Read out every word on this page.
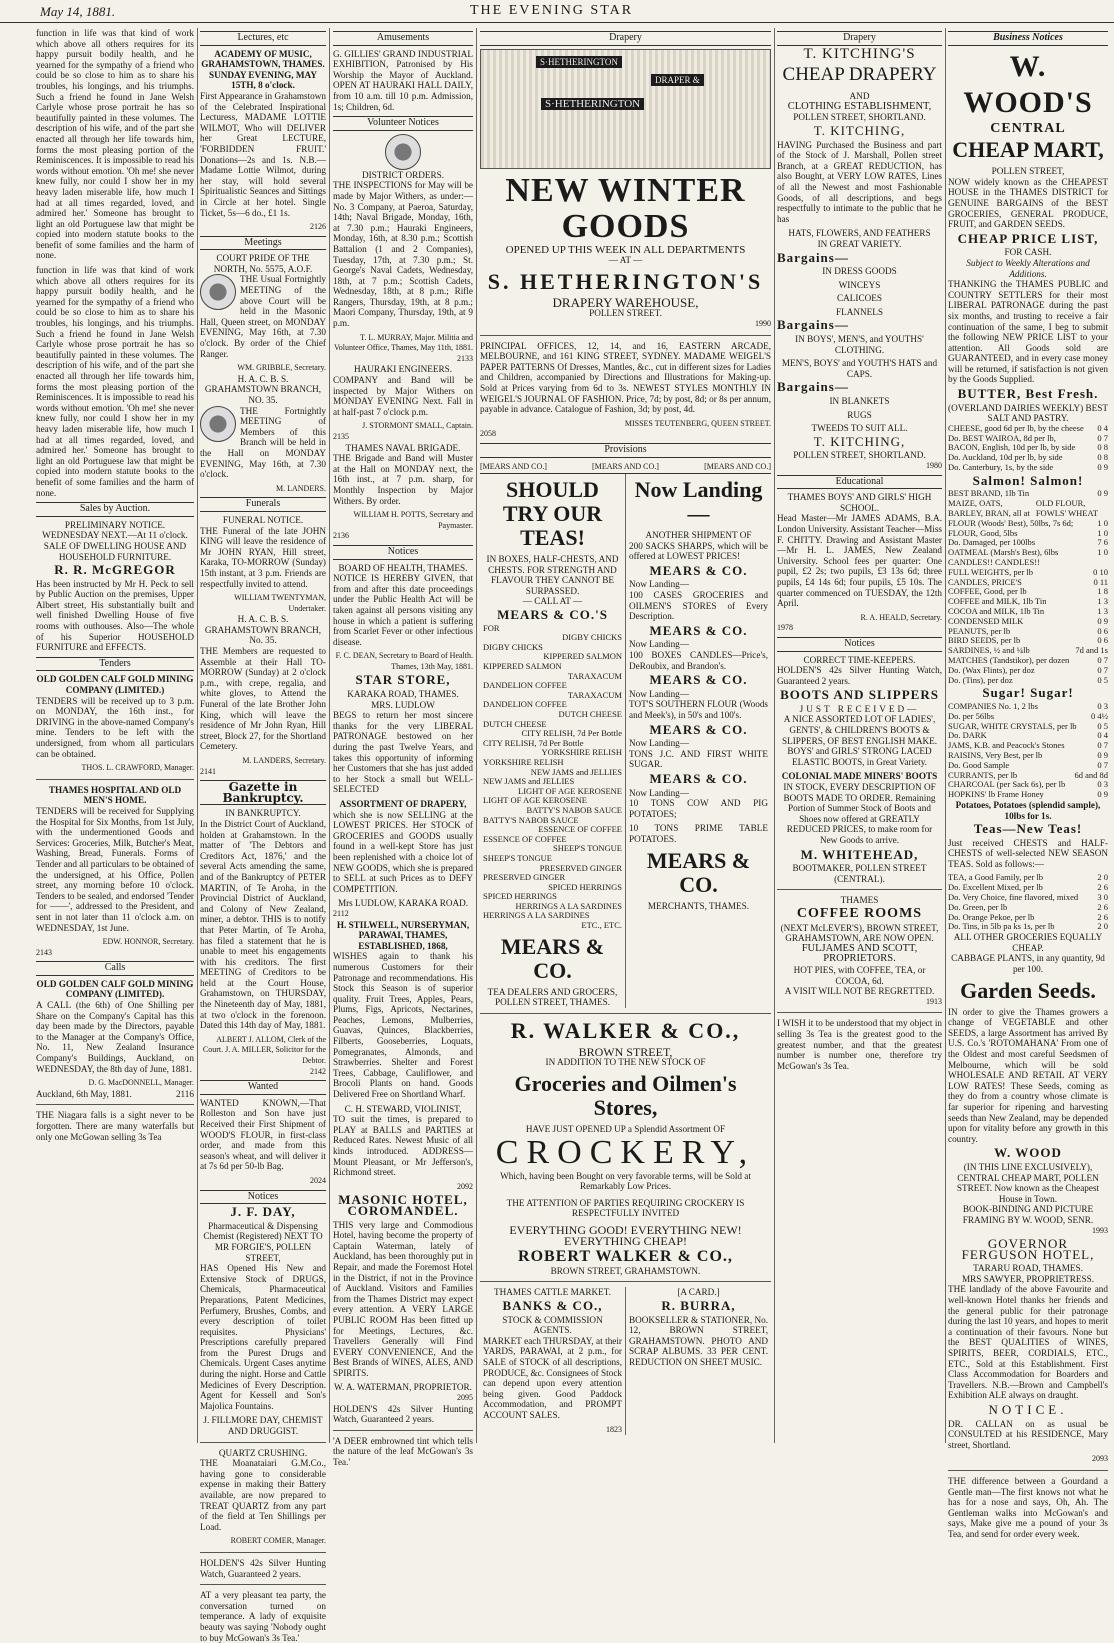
May 14, 1881.	THE EVENING STAR

function in life was that kind of work which above all others requires for its happy pursuit bodily health, and he yearned for the sympathy of a friend who could be so close to him as to share his troubles, his longings, and his triumphs. Such a friend he found in Jane Welsh Carlyle whose prose portrait he has so beautifully painted in these volumes. The description of his wife, and of the part she enacted all through her life towards him, forms the most pleasing portion of the Reminiscences. It is impossible to read his words without emotion. 'Oh me! she never knew fully, nor could I show her in my heavy laden miserable life, how much I had at all times regarded, loved, and admired her.' Someone has brought to light an old Portuguese law that might be copied into modern statute books to the benefit of some families and the harm of none.

function in life was that kind of work which above all others requires for its happy pursuit bodily health, and he yearned for the sympathy of a friend who could be so close to him as to share his troubles, his longings, and his triumphs. Such a friend he found in Jane Welsh Carlyle whose prose portrait he has so beautifully painted in these volumes. The description of his wife, and of the part she enacted all through her life towards him, forms the most pleasing portion of the Reminiscences. It is impossible to read his words without emotion. 'Oh me! she never knew fully, nor could I show her in my heavy laden miserable life, how much I had at all times regarded, loved, and admired her.' Someone has brought to light an old Portuguese law that might be copied into modern statute books to the benefit of some families and the harm of none.

Sales by Auction.
PRELIMINARY NOTICE.
WEDNESDAY NEXT.—At 11 o'clock.
SALE OF DWELLING HOUSE AND HOUSEHOLD FURNITURE.
R. R. McGREGOR

Has been instructed by Mr H. Peck to sell by Public Auction on the premises, Upper Albert street, His substantially built and well finished Dwelling House of five rooms with outhouses. Also—The whole of his Superior HOUSEHOLD FURNITURE and EFFECTS.

Tenders
OLD GOLDEN CALF GOLD MINING COMPANY (LIMITED.)

TENDERS will be received up to 3 p.m. on MONDAY, the 16th inst., for DRIVING in the above-named Company's mine. Tenders to be left with the undersigned, from whom all particulars can be obtained.

THOS. L. CRAWFORD, Manager.
THAMES HOSPITAL AND OLD MEN'S HOME.

TENDERS will be received for Supplying the Hospital for Six Months, from 1st July, with the undermentioned Goods and Services: Groceries, Milk, Butcher's Meat, Washing, Bread, Funerals. Forms of Tender and all particulars to be obtained of the undersigned, at his Office, Pollen street, any morning before 10 o'clock. Tenders to be sealed, and endorsed 'Tender for ——', addressed to the President, and sent in not later than 11 o'clock a.m. on WEDNESDAY, 1st June.

EDW. HONNOR, Secretary.
2143
Calls
OLD GOLDEN CALF GOLD MINING COMPANY (LIMITED).

A CALL (the 6th) of One Shilling per Share on the Company's Capital has this day been made by the Directors, payable to the Manager at the Company's Office, No. 11, New Zealand Insurance Company's Buildings, Auckland, on WEDNESDAY, the 8th day of June, 1881.

D. G. MacDONNELL, Manager.
Auckland, 6th May, 1881.	2116

THE Niagara falls is a sight never to be forgotten. There are many waterfalls but only one McGowan selling 3s Tea

Lectures, etc
ACADEMY OF MUSIC, GRAHAMSTOWN, THAMES. SUNDAY EVENING, MAY 15TH, 8 o'clock.

First Appearance in Grahamstown of the Celebrated Inspirational Lecturess, MADAME LOTTIE WILMOT, Who will DELIVER her Great LECTURE, 'FORBIDDEN FRUIT.' Donations—2s and 1s. N.B.—Madame Lottie Wilmot, during her stay, will hold several Spiritualistic Seances and Sittings in Circle at her hotel. Single Ticket, 5s—6 do., £1 1s.

2126
Meetings
COURT PRIDE OF THE NORTH, No. 5575, A.O.F.

THE Usual Fortnightly MEETING of the above Court will be held in the Masonic Hall, Queen street, on MONDAY EVENING, May 16th, at 7.30 o'clock. By order of the Chief Ranger.

WM. GRIBBLE, Secretary.
H. A. C. B. S. GRAHAMSTOWN BRANCH, NO. 35.

THE Fortnightly MEETING of Members of this Branch will be held in the Hall on MONDAY EVENING, May 16th, at 7.30 o'clock.

M. LANDERS.
Funerals
FUNERAL NOTICE.

THE Funeral of the late JOHN KING will leave the residence of Mr JOHN RYAN, Hill street, Karaka, TO-MORROW (Sunday) 15th instant, at 3 p.m. Friends are respectfully invited to attend.

WILLIAM TWENTYMAN, Undertaker.
H. A. C. B. S. GRAHAMSTOWN BRANCH, No. 35.

THE Members are requested to Assemble at their Hall TO-MORROW (Sunday) at 2 o'clock p.m., with crepe, regalia, and white gloves, to Attend the Funeral of the late Brother John King, which will leave the residence of Mr John Ryan, Hill street, Block 27, for the Shortland Cemetery.

M. LANDERS, Secretary.
2141
Gazette in Bankruptcy.
IN BANKRUPTCY.

In the District Court of Auckland, holden at Grahamstown. In the matter of 'The Debtors and Creditors Act, 1876,' and the several Acts amending the same, and of the Bankruptcy of PETER MARTIN, of Te Aroha, in the Provincial District of Auckland, and Colony of New Zealand, miner, a debtor. THIS is to notify that Peter Martin, of Te Aroha, has filed a statement that he is unable to meet his engagements with his creditors. The first MEETING of Creditors to be held at the Court House, Grahamstown, on THURSDAY, the Nineteenth day of May, 1881, at two o'clock in the forenoon. Dated this 14th day of May, 1881.

ALBERT J. ALLOM, Clerk of the Court. J. A. MILLER, Solicitor for the Debtor.
2142
Wanted

WANTED KNOWN,—That Rolleston and Son have just Received their First Shipment of WOOD'S FLOUR, in first-class order, and made from this season's wheat, and will deliver it at 7s 6d per 50-lb Bag.

2024
Notices
J. F. DAY,
Pharmaceutical & Dispensing Chemist (Registered) NEXT TO MR FORGIE'S, POLLEN STREET,

HAS Opened His New and Extensive Stock of DRUGS, Chemicals, Pharmaceutical Preparations, Patent Medicines, Perfumery, Brushes, Combs, and every description of toilet requisites. Physicians' Prescriptions carefully prepared from the Purest Drugs and Chemicals. Urgent Cases anytime during the night. Horse and Cattle Medicines of Every Description. Agent for Kessell and Son's Majolica Fountains.

J. FILLMORE DAY, CHEMIST AND DRUGGIST.
QUARTZ CRUSHING.

THE Moanataiari G.M.Co., having gone to considerable expense in making their Battery available, are now prepared to TREAT QUARTZ from any part of the field at Ten Shillings per Load.

ROBERT COMER, Manager.

HOLDEN'S 42s Silver Hunting Watch, Guaranteed 2 years.

AT a very pleasant tea party, the conversation turned on temperance. A lady of exquisite beauty was saying 'Nobody ought to buy McGowan's 3s Tea.'

Amusements

G. GILLIES' GRAND INDUSTRIAL EXHIBITION, Patronised by His Worship the Mayor of Auckland. OPEN AT HAURAKI HALL DAILY, from 10 a.m. till 10 p.m. Admission, 1s; Children, 6d.

Volunteer Notices
DISTRICT ORDERS.

THE INSPECTIONS for May will be made by Major Withers, as under:— No. 3 Company, at Paeroa, Saturday, 14th; Naval Brigade, Monday, 16th, at 7.30 p.m.; Hauraki Engineers, Monday, 16th, at 8.30 p.m.; Scottish Battalion (1 and 2 Companies), Tuesday, 17th, at 7.30 p.m.; St. George's Naval Cadets, Wednesday, 18th, at 7 p.m.; Scottish Cadets, Wednesday, 18th, at 8 p.m.; Rifle Rangers, Thursday, 19th, at 8 p.m.; Maori Company, Thursday, 19th, at 9 p.m.

T. L. MURRAY, Major. Militia and Volunteer Office, Thames, May 11th, 1881.
2133
HAURAKI ENGINEERS.

COMPANY and Band will be inspected by Major Withers on MONDAY EVENING Next. Fall in at half-past 7 o'clock p.m.

J. STORMONT SMALL, Captain.
2135
THAMES NAVAL BRIGADE.

THE Brigade and Band will Muster at the Hall on MONDAY next, the 16th inst., at 7 p.m. sharp, for Monthly Inspection by Major Withers. By order.

WILLIAM H. POTTS, Secretary and Paymaster.
2136
Notices
BOARD OF HEALTH, THAMES.

NOTICE IS HEREBY GIVEN, that from and after this date proceedings under the Public Health Act will be taken against all persons visiting any house in which a patient is suffering from Scarlet Fever or other infectious disease.

F. C. DEAN, Secretary to Board of Health. Thames, 13th May, 1881.
STAR STORE,
KARAKA ROAD, THAMES.
MRS. LUDLOW

BEGS to return her most sincere thanks for the very LIBERAL PATRONAGE bestowed on her during the past Twelve Years, and takes this opportunity of informing her Customers that she has just added to her Stock a small but WELL-SELECTED

ASSORTMENT OF DRAPERY,

which she is now SELLING at the LOWEST PRICES. Her STOCK of GROCERIES and GOODS usually found in a well-kept Store has just been replenished with a choice lot of NEW GOODS, which she is prepared to SELL at such Prices as to DEFY COMPETITION.

Mrs LUDLOW, KARAKA ROAD.
2112
H. STILWELL, NURSERYMAN, PARAWAI, THAMES, ESTABLISHED, 1868,

WISHES again to thank his numerous Customers for their Patronage and recommendations. His Stock this Season is of superior quality. Fruit Trees, Apples, Pears, Plums, Figs, Apricots, Nectarines, Peaches, Lemons, Mulberries, Guavas, Quinces, Blackberries, Filberts, Gooseberries, Loquats, Pomegranates, Almonds, and Strawberries. Shelter and Forest Trees, Cabbage, Cauliflower, and Brocoli Plants on hand. Goods Delivered Free on Shortland Wharf.

C. H. STEWARD, VIOLINIST,

TO suit the times, is prepared to PLAY at BALLS and PARTIES at Reduced Rates. Newest Music of all kinds introduced. ADDRESS—Mount Pleasant, or Mr Jefferson's, Richmond street.

2092
MASONIC HOTEL, COROMANDEL.

THIS very large and Commodious Hotel, having become the property of Captain Waterman, lately of Auckland, has been thoroughly put in Repair, and made the Foremost Hotel in the District, if not in the Province of Auckland. Visitors and Families from the Thames District may expect every attention. A VERY LARGE PUBLIC ROOM Has been fitted up for Meetings, Lectures, &c. Travellers Generally will Find EVERY CONVENIENCE, And the Best Brands of WINES, ALES, AND SPIRITS.

W. A. WATERMAN, PROPRIETOR.
2095

HOLDEN'S 42s Silver Hunting Watch, Guaranteed 2 years.

'A DEER embrowned tint which tells the nature of the leaf McGowan's 3s Tea.'

Drapery
S·HETHERINGTON
DRAPER &
S·HETHERINGTON
NEW WINTER GOODS
OPENED UP THIS WEEK IN ALL DEPARTMENTS
— AT —
S. HETHERINGTON'S
DRAPERY WAREHOUSE,
POLLEN STREET.
1990

PRINCIPAL OFFICES, 12, 14, and 16, EASTERN ARCADE, MELBOURNE, and 161 KING STREET, SYDNEY. MADAME WEIGEL'S PAPER PATTERNS Of Dresses, Mantles, &c., cut in different sizes for Ladies and Children, accompanied by Directions and Illustrations for Making-up. Sold at Prices varying from 6d to 3s. NEWEST STYLES MONTHLY IN WEIGEL'S JOURNAL OF FASHION. Price, 7d; by post, 8d; or 8s per annum, payable in advance. Catalogue of Fashion, 3d; by post, 4d.

MISSES TEUTENBERG, QUEEN STREET.
2058
Provisions
[MEARS AND CO.]	[MEARS AND CO.]	[MEARS AND CO.]
SHOULD TRY OUR TEAS!
IN BOXES, HALF-CHESTS, AND CHESTS. FOR STRENGTH AND FLAVOUR THEY CANNOT BE SURPASSED.
— CALL AT —
MEARS & CO.'S
FOR
DIGBY CHICKS
DIGBY CHICKS
KIPPERED SALMON
KIPPERED SALMON
TARAXACUM
DANDELION COFFEE
TARAXACUM
DANDELION COFFEE
DUTCH CHEESE
DUTCH CHEESE
CITY RELISH, 7d Per Bottle
CITY RELISH, 7d Per Bottle
YORKSHIRE RELISH
YORKSHIRE RELISH
NEW JAMS and JELLIES
NEW JAMS and JELLIES
LIGHT OF AGE KEROSENE
LIGHT OF AGE KEROSENE
BATTY'S NABOB SAUCE
BATTY'S NABOB SAUCE
ESSENCE OF COFFEE
ESSENCE OF COFFEE
SHEEP'S TONGUE
SHEEP'S TONGUE
PRESERVED GINGER
PRESERVED GINGER
SPICED HERRINGS
SPICED HERRINGS
HERRINGS A LA SARDINES
HERRINGS A LA SARDINES
ETC., ETC.
MEARS & CO.
TEA DEALERS AND GROCERS, POLLEN STREET, THAMES.
Now Landing—
ANOTHER SHIPMENT OF

200 SACKS SHARPS, which will be offered at LOWEST PRICES!

MEARS & CO.
Now Landing—

100 CASES GROCERIES and OILMEN'S STORES of Every Description.

MEARS & CO.
Now Landing—

100 BOXES CANDLES—Price's, DeRoubix, and Brandon's.

MEARS & CO.
Now Landing—

TOT'S SOUTHERN FLOUR (Woods and Meek's), in 50's and 100's.

MEARS & CO.
Now Landing—

TONS J.C. AND FIRST WHITE SUGAR.

MEARS & CO.
Now Landing—

10 TONS COW AND PIG POTATOES;

10 TONS PRIME TABLE POTATOES.

MEARS & CO.
MERCHANTS, THAMES.
R. WALKER & CO.,
BROWN STREET,
IN ADDITION TO THE NEW STOCK OF
Groceries and Oilmen's Stores,
HAVE JUST OPENED UP a Splendid Assortment OF
CROCKERY,
Which, having been Bought on very favorable terms, will be Sold at Remarkably Low Prices.
THE ATTENTION OF PARTIES REQUIRING CROCKERY IS RESPECTFULLY INVITED
EVERYTHING GOOD! EVERYTHING NEW! EVERYTHING CHEAP!
ROBERT WALKER & CO.,
BROWN STREET, GRAHAMSTOWN.
THAMES CATTLE MARKET.
BANKS & CO.,
STOCK & COMMISSION AGENTS.

MARKET each THURSDAY, at their YARDS, PARAWAI, at 2 p.m., for SALE of STOCK of all descriptions, PRODUCE, &c. Consignees of Stock can depend upon every attention being given. Good Paddock Accommodation, and PROMPT ACCOUNT SALES.

1823
[A CARD.]
R. BURRA,

BOOKSELLER & STATIONER, No. 12, BROWN STREET, GRAHAMSTOWN. PHOTO AND SCRAP ALBUMS. 33 PER CENT. REDUCTION ON SHEET MUSIC.

Drapery
T. KITCHING'S
CHEAP DRAPERY
AND
CLOTHING ESTABLISHMENT,
POLLEN STREET, SHORTLAND.
T. KITCHING,

HAVING Purchased the Business and part of the Stock of J. Marshall, Pollen street Branch, at a GREAT REDUCTION, has also Bought, at VERY LOW RATES, Lines of all the Newest and most Fashionable Goods, of all descriptions, and begs respectfully to intimate to the public that he has

HATS, FLOWERS, AND FEATHERS
IN GREAT VARIETY.
Bargains—
IN DRESS GOODS
WINCEYS
CALICOES
FLANNELS
Bargains—
IN BOYS', MEN'S, and YOUTHS' CLOTHING.
MEN'S, BOYS' and YOUTH'S HATS and CAPS.
Bargains—
IN BLANKETS
RUGS
TWEEDS TO SUIT ALL.
T. KITCHING,
POLLEN STREET, SHORTLAND.
1980
Educational
THAMES BOYS' AND GIRLS' HIGH SCHOOL.

Head Master—Mr JAMES ADAMS, B.A. London University. Assistant Teacher—Miss F. CHITTY. Drawing and Assistant Master—Mr H. L. JAMES, New Zealand University. School fees per quarter: One pupil, £2 2s; two pupils, £3 13s 6d; three pupils, £4 14s 6d; four pupils, £5 10s. The quarter commenced on TUESDAY, the 12th April.

R. A. HEALD, Secretary.
1978
Notices
CORRECT TIME-KEEPERS.

HOLDEN'S 42s Silver Hunting Watch, Guaranteed 2 years.

BOOTS AND SLIPPERS
JUST RECEIVED—

A NICE ASSORTED LOT OF LADIES', GENTS', & CHILDREN'S BOOTS & SLIPPERS, OF BEST ENGLISH MAKE. BOYS' and GIRLS' STRONG LACED ELASTIC BOOTS, in Great Variety.

COLONIAL MADE MINERS' BOOTS

IN STOCK, EVERY DESCRIPTION OF BOOTS MADE TO ORDER. Remaining Portion of Summer Stock of Boots and Shoes now offered at GREATLY REDUCED PRICES, to make room for New Goods to arrive.

M. WHITEHEAD,
BOOTMAKER, POLLEN STREET (CENTRAL).
THAMES
COFFEE ROOMS
(NEXT McLEVER'S), BROWN STREET, GRAHAMSTOWN, ARE NOW OPEN.
FULJAMES AND SCOTT, PROPRIETORS.
HOT PIES, with COFFEE, TEA, or COCOA, 6d.
A VISIT WILL NOT BE REGRETTED.
1913

I WISH it to be understood that my object in selling 3s Tea is the greatest good to the greatest number, and that the greatest number is number one, therefore try McGowan's 3s Tea.

Business Notices
W. WOOD'S
CENTRAL
CHEAP MART,
POLLEN STREET,

NOW widely known as the CHEAPEST HOUSE in the THAMES DISTRICT for GENUINE BARGAINS of the BEST GROCERIES, GENERAL PRODUCE, FRUIT, and GARDEN SEEDS.

CHEAP PRICE LIST,
FOR CASH.
Subject to Weekly Alterations and Additions.

THANKING the THAMES PUBLIC and COUNTRY SETTLERS for their most LIBERAL PATRONAGE during the past six months, and trusting to receive a fair continuation of the same, I beg to submit the following NEW PRICE LIST to your attention. All Goods sold are GUARANTEED, and in every case money will be returned, if satisfaction is not given by the Goods Supplied.

BUTTER, Best Fresh.
(OVERLAND DAIRIES WEEKLY) BEST SALT AND PASTRY.
CHEESE, good 6d per lb, by the cheese 0 4
Do. BEST WAIROA, 8d per lb,	0 7
BACON, English, 10d per lb, by side	0 8
Do. Auckland, 10d per lb, by side	0 8
Do. Canterbury, 1s, by the side	0 9
Salmon! Salmon!
BEST BRAND, 1lb Tin	0 9
MAIZE, OATS, BARLEY, BRAN, all at
OLD FLOUR, FOWLS' WHEAT
FLOUR (Woods' Best), 50lbs, 7s 6d;	1 0
FLOUR, Good, 5lbs	1 0
Do. Damaged, per 100lbs	7 6
OATMEAL (Marsh's Best), 6lbs	1 0
CANDLES!! CANDLES!!
FULL WEIGHTS, per lb	0 10
CANDLES, PRICE'S	0 11
COFFEE, Good, per lb	1 8
COFFEE and MILK, 1lb Tin	1 3
COCOA and MILK, 1lb Tin	1 3
CONDENSED MILK	0 9
PEANUTS, per lb	0 6
BIRD SEEDS, per lb	0 6
SARDINES, ½ and ¼lb	7d and 1s
MATCHES (Tandstikor), per dozen	0 7
Do. (Wax Flints), per doz	0 7
Do. (Tins), per doz	0 5
Sugar! Sugar!
COMPANIES No. 1, 2 lbs	0 3
Do. per 56lbs	0 4½
SUGAR, WHITE CRYSTALS, per lb 0 5
Do. DARK	0 4
JAMS, K.B. and Peacock's Stones	0 7
RAISINS, Very Best, per lb	0 9
Do. Good Sample	0 7
CURRANTS, per lb	6d and 8d
CHARCOAL (per Sack 6s), per lb	0 3
HOPKINS' lb Frame Honey	0 9
Potatoes, Potatoes (splendid sample), 10lbs for 1s.
Teas—New Teas!

Just received CHESTS and HALF-CHESTS of well-selected NEW SEASON TEAS. Sold as follows:—

TEA, a Good Family, per lb	2 0
Do. Excellent Mixed, per lb	2 6
Do. Very Choice, fine flavored, mixed 3 0
Do. Green, per lb	2 6
Do. Orange Pekoe, per lb	2 6
Do. Tins, in 5lb pa ks 1s, per lb	2 0
ALL OTHER GROCERIES EQUALLY CHEAP.
CABBAGE PLANTS, in any quantity, 9d per 100.
Garden Seeds.

IN order to give the Thames growers a change of VEGETABLE and other SEEDS, a large Assortment has arrived By U.S. Co.'s 'ROTOMAHANA' From one of the Oldest and most careful Seedsmen of Melbourne, which will be sold WHOLESALE AND RETAIL AT VERY LOW RATES! These Seeds, coming as they do from a country whose climate is far superior for ripening and harvesting seeds than New Zealand, may be depended upon for vitality before any growth in this country.

W. WOOD
(IN THIS LINE EXCLUSIVELY), CENTRAL CHEAP MART, POLLEN STREET. Now known as the Cheapest House in Town.
BOOK-BINDING AND PICTURE FRAMING BY W. WOOD, SENR.
1993
GOVERNOR FERGUSON HOTEL,
TARARU ROAD, THAMES.
MRS SAWYER, PROPRIETRESS.

THE landlady of the above Favourite and well-known Hotel thanks her friends and the general public for their patronage during the last 10 years, and hopes to merit a continuation of their favours. None but the BEST QUALITIES of WINES, SPIRITS, BEER, CORDIALS, ETC., ETC., Sold at this Establishment. First Class Accommodation for Boarders and Travellers. N.B.—Brown and Campbell's Exhibition ALE always on draught.

NOTICE.

DR. CALLAN on as usual be CONSULTED at his RESIDENCE, Mary street, Shortland.

2093

THE difference between a Gourdand a Gentle man—The first knows not what he has for a nose and says, Oh, Ah. The Gentleman walks into McGowan's and says, Make give me a pound of your 3s Tea, and send for order every week.
